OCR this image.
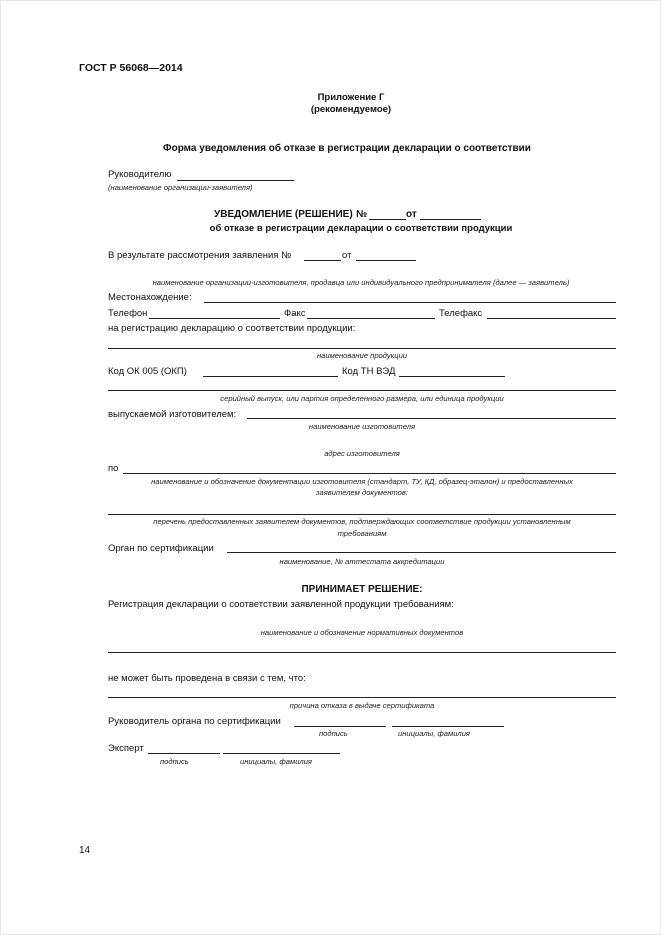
ГОСТ Р 56068—2014
Приложение Г
(рекомендуемое)
Форма уведомления об отказе в регистрации декларации о соответствии
Руководителю
(наименование организации-заявителя)
УВЕДОМЛЕНИЕ (РЕШЕНИЕ) №	от
об отказе в регистрации декларации о соответствии продукции
В результате рассмотрения заявления №	от
наименование организации-изготовителя, продавца или индивидуального предпринимателя (далее — заявитель)
Местонахождение:
Телефон	Факс	Телефакс
на регистрацию декларацию о соответствии продукции:
наименование продукции
Код ОК 005 (ОКП)	Код ТН ВЭД
серийный выпуск, или партия определенного размера, или единица продукции
выпускаемой изготовителем:
наименование изготовителя
адрес изготовителя
по
наименование и обозначение документации изготовителя (стандарт, ТУ, КД, образец-эталон) и предоставленных
заявителем документов:
перечень предоставленных заявителем документов, подтверждающих соответствие продукции установленным
требованиям
Орган по сертификации
наименование, № аттестата аккредитации
ПРИНИМАЕТ РЕШЕНИЕ:
Регистрация декларации о соответствии заявленной продукции требованиям:
наименование и обозначение нормативных документов
не может быть проведена в связи с тем, что:
причина отказа в выдаче сертификата
Руководитель органа по сертификации
подпись	инициалы, фамилия
Эксперт
подпись	инициалы, фамилия
14
